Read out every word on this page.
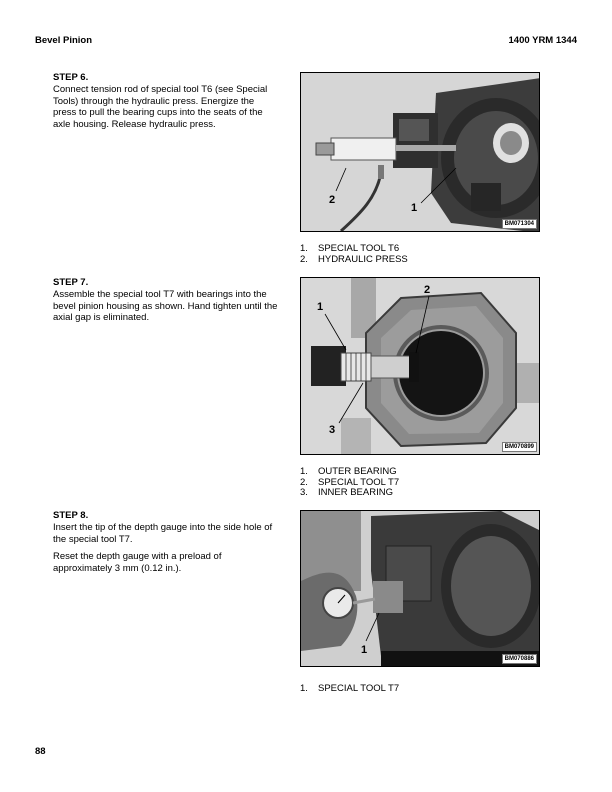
Bevel Pinion	1400 YRM 1344

STEP 6.

Connect tension rod of special tool T6 (see Special Tools) through the hydraulic press. Energize the press to pull the bearing cups into the seats of the axle housing. Release hydraulic press.

2
1
BM071304
1. SPECIAL TOOL T6
2. HYDRAULIC PRESS

STEP 7.

Assemble the special tool T7 with bearings into the bevel pinion housing as shown. Hand tighten until the axial gap is eliminated.

1
2
3
BM070899
1. OUTER BEARING
2. SPECIAL TOOL T7
3. INNER BEARING

STEP 8.

Insert the tip of the depth gauge into the side hole of the special tool T7.

Reset the depth gauge with a preload of approximately 3 mm (0.12 in.).

1
BM070886
1. SPECIAL TOOL T7
88
